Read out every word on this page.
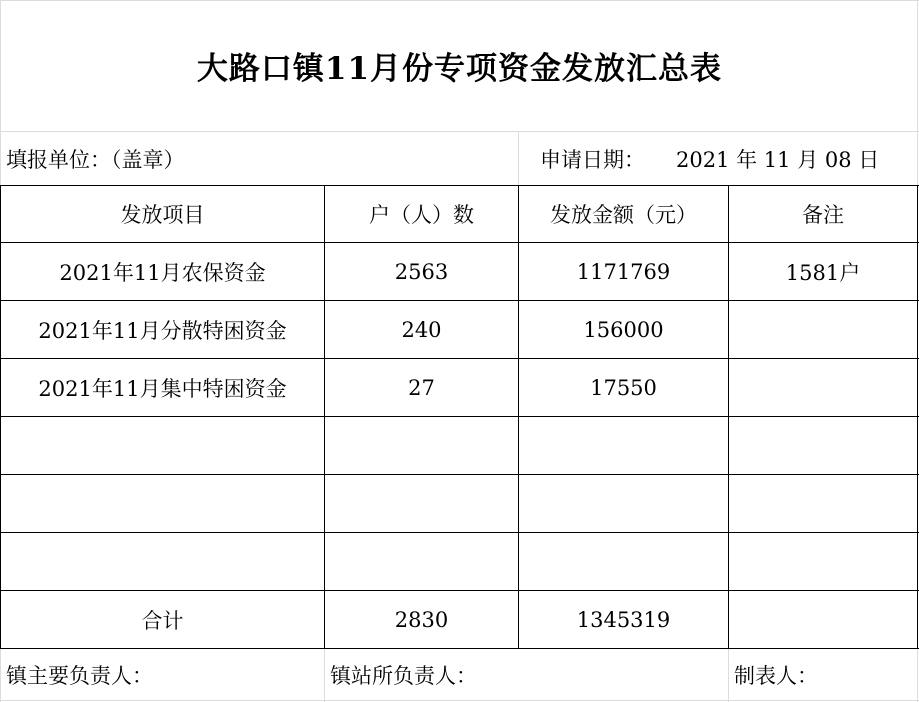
大路口镇11月份专项资金发放汇总表
填报单位：（盖章）	申请日期：	2021 年 11 月 08 日
发放项目	户（人）数	发放金额（元）	备注
2021年11月农保资金	2563	1171769	1581户
2021年11月分散特困资金	240	156000
2021年11月集中特困资金	27	17550
合计	2830	1345319
镇主要负责人：	镇站所负责人：	制表人：
